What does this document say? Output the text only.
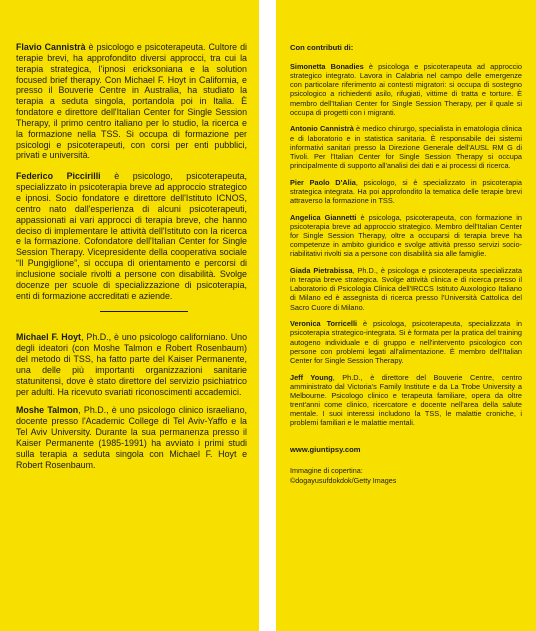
Flavio Cannistrà è psicologo e psicoterapeuta. Cultore di terapie brevi, ha approfondito diversi approcci, tra cui la terapia strategica, l'ipnosi ericksoniana e la solution focused brief therapy. Con Michael F. Hoyt in California, e presso il Bouverie Centre in Australia, ha studiato la terapia a seduta singola, portandola poi in Italia. È fondatore e direttore dell'Italian Center for Single Session Therapy, il primo centro italiano per lo studio, la ricerca e la formazione nella TSS. Si occupa di formazione per psicologi e psicoterapeuti, con corsi per enti pubblici, privati e università.

Federico Piccirilli è psicologo, psicoterapeuta, specializzato in psicoterapia breve ad approccio strategico e ipnosi. Socio fondatore e direttore dell'Istituto ICNOS, centro nato dall'esperienza di alcuni psicoterapeuti, appassionati ai vari approcci di terapia breve, che hanno deciso di implementare le attività dell'Istituto con la ricerca e la formazione. Cofondatore dell'Italian Center for Single Session Therapy. Vicepresidente della cooperativa sociale “Il Pungiglione”, si occupa di orientamento e percorsi di inclusione sociale rivolti a persone con disabilità. Svolge docenze per scuole di specializzazione di psicoterapia, enti di formazione accreditati e aziende.

Michael F. Hoyt, Ph.D., è uno psicologo californiano. Uno degli ideatori (con Moshe Talmon e Robert Rosenbaum) del metodo di TSS, ha fatto parte del Kaiser Permanente, una delle più importanti organizzazioni sanitarie statunitensi, dove è stato direttore del servizio psichiatrico per adulti. Ha ricevuto svariati riconoscimenti accademici.

Moshe Talmon, Ph.D., è uno psicologo clinico israeliano, docente presso l'Academic College di Tel Aviv-Yaffo e la Tel Aviv University. Durante la sua permanenza presso il Kaiser Permanente (1985-1991) ha avviato i primi studi sulla terapia a seduta singola con Michael F. Hoyt e Robert Rosenbaum.

Con contributi di:

Simonetta Bonadies è psicologa e psicoterapeuta ad approccio strategico integrato. Lavora in Calabria nel campo delle emergenze con particolare riferimento ai contesti migratori: si occupa di sostegno psicologico a richiedenti asilo, rifugiati, vittime di tratta e torture. È membro dell'Italian Center for Single Session Therapy, per il quale si occupa di progetti con i migranti.

Antonio Cannistrà è medico chirurgo, specialista in ematologia clinica e di laboratorio e in statistica sanitaria. È responsabile dei sistemi informativi sanitari presso la Direzione Generale dell'AUSL RM G di Tivoli. Per l'Italian Center for Single Session Therapy si occupa principalmente di supporto all'analisi dei dati e ai processi di ricerca.

Pier Paolo D'Alia, psicologo, si è specializzato in psicoterapia strategica integrata. Ha poi approfondito la tematica delle terapie brevi attraverso la formazione in TSS.

Angelica Giannetti è psicologa, psicoterapeuta, con formazione in psicoterapia breve ad approccio strategico. Membro dell'Italian Center for Single Session Therapy, oltre a occuparsi di terapia breve ha competenze in ambito giuridico e svolge attività presso servizi socio-riabilitativi rivolti sia a persone con disabilità sia alle famiglie.

Giada Pietrabissa, Ph.D., è psicologa e psicoterapeuta specializzata in terapia breve strategica. Svolge attività clinica e di ricerca presso il Laboratorio di Psicologia Clinica dell'IRCCS Istituto Auxologico Italiano di Milano ed è assegnista di ricerca presso l'Università Cattolica del Sacro Cuore di Milano.

Veronica Torricelli è psicologa, psicoterapeuta, specializzata in psicoterapia strategico-integrata. Si è formata per la pratica del training autogeno individuale e di gruppo e nell'intervento psicologico con persone con problemi legati all'alimentazione. È membro dell'Italian Center for Single Session Therapy.

Jeff Young, Ph.D., è direttore del Bouverie Centre, centro amministrato dal Victoria's Family Institute e da La Trobe University a Melbourne. Psicologo clinico e terapeuta familiare, opera da oltre trent'anni come clinico, ricercatore e docente nell'area della salute mentale. I suoi interessi includono la TSS, le malattie croniche, i problemi familiari e le malattie mentali.

www.giuntipsy.com

Immagine di copertina:
©dogayusufdokdok/Getty Images
